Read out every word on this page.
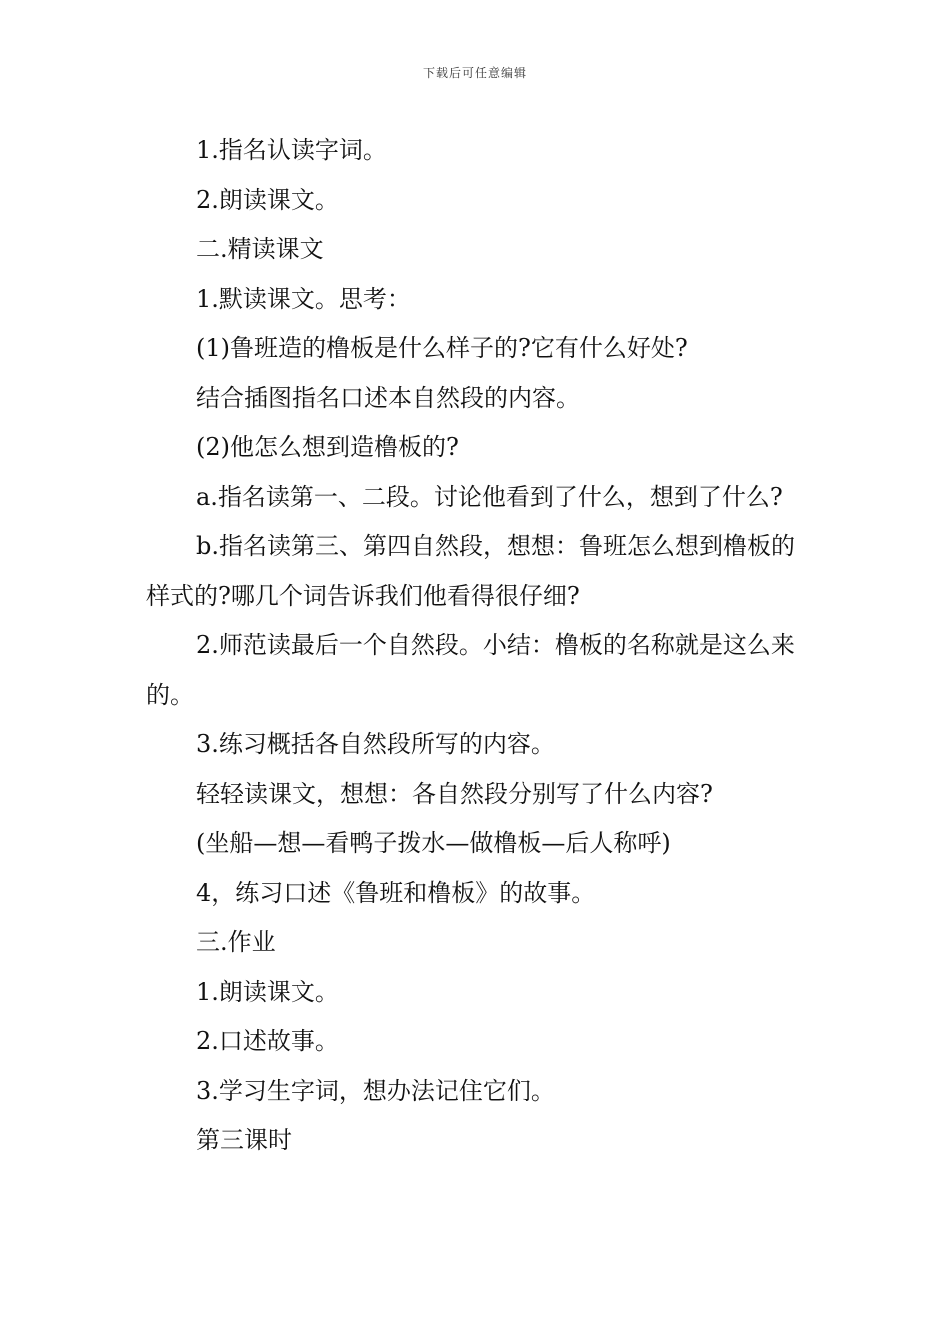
下载后可任意编辑

1.指名认读字词。

2.朗读课文。

二.精读课文

1.默读课文。思考：

(1)鲁班造的橹板是什么样子的?它有什么好处?

结合插图指名口述本自然段的内容。

(2)他怎么想到造橹板的?

a.指名读第一、二段。讨论他看到了什么，想到了什么?

b.指名读第三、第四自然段，想想：鲁班怎么想到橹板的样式的?哪几个词告诉我们他看得很仔细?

2.师范读最后一个自然段。小结：橹板的名称就是这么来的。

3.练习概括各自然段所写的内容。

轻轻读课文，想想：各自然段分别写了什么内容?

(坐船—想—看鸭子拨水—做橹板—后人称呼)

4，练习口述《鲁班和橹板》的故事。

三.作业

1.朗读课文。

2.口述故事。

3.学习生字词，想办法记住它们。

第三课时
